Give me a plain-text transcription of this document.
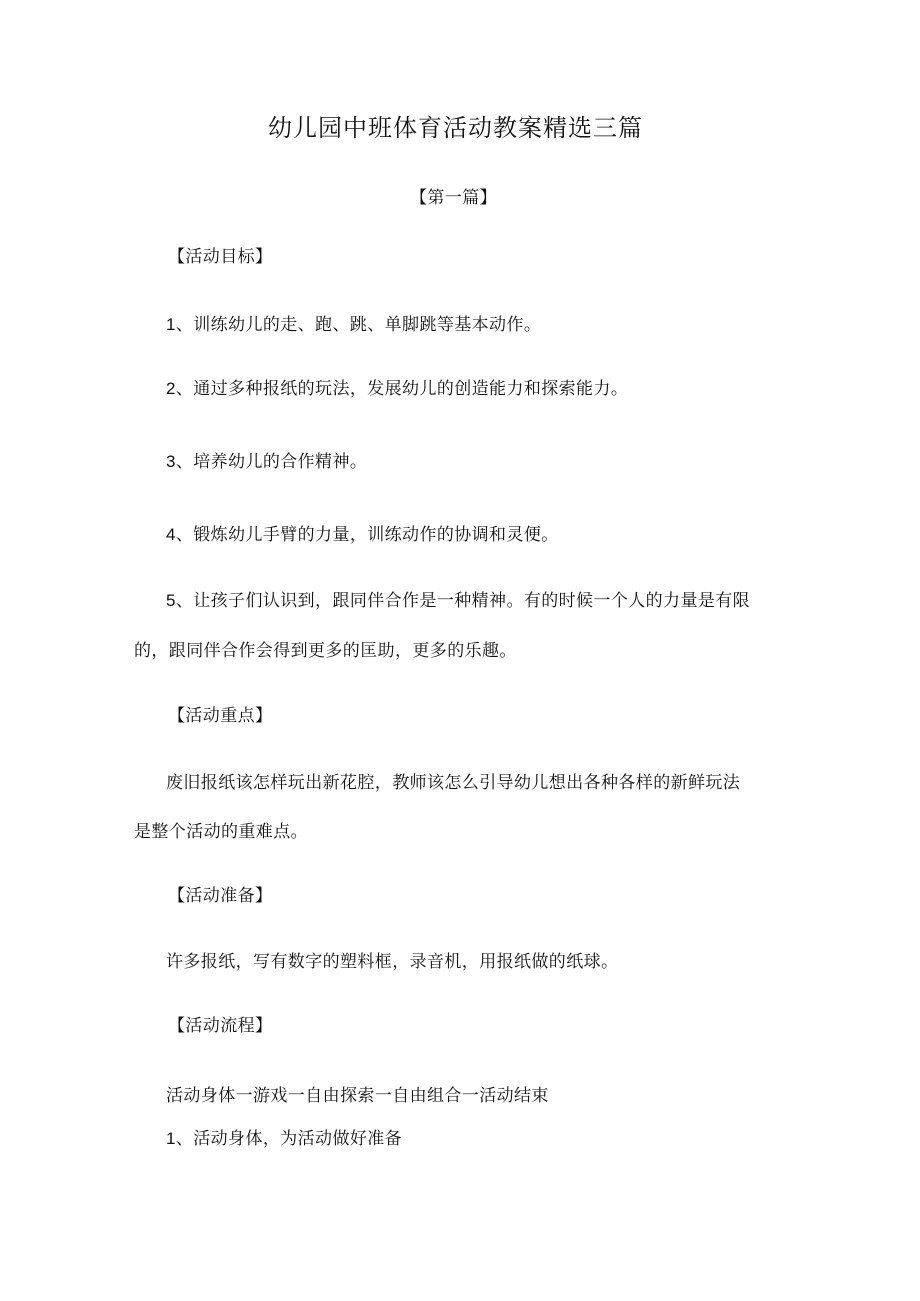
幼儿园中班体育活动教案精选三篇
【第一篇】
【活动目标】
1、训练幼儿的走、跑、跳、单脚跳等基本动作。
2、通过多种报纸的玩法，发展幼儿的创造能力和探索能力。
3、培养幼儿的合作精神。
4、锻炼幼儿手臂的力量，训练动作的协调和灵便。
5、让孩子们认识到，跟同伴合作是一种精神。有的时候一个人的力量是有限
的，跟同伴合作会得到更多的匡助，更多的乐趣。
【活动重点】
废旧报纸该怎样玩出新花腔，教师该怎么引导幼儿想出各种各样的新鲜玩法
是整个活动的重难点。
【活动准备】
许多报纸，写有数字的塑料框，录音机，用报纸做的纸球。
【活动流程】
活动身体一游戏一自由探索一自由组合一活动结束
1、活动身体，为活动做好准备
